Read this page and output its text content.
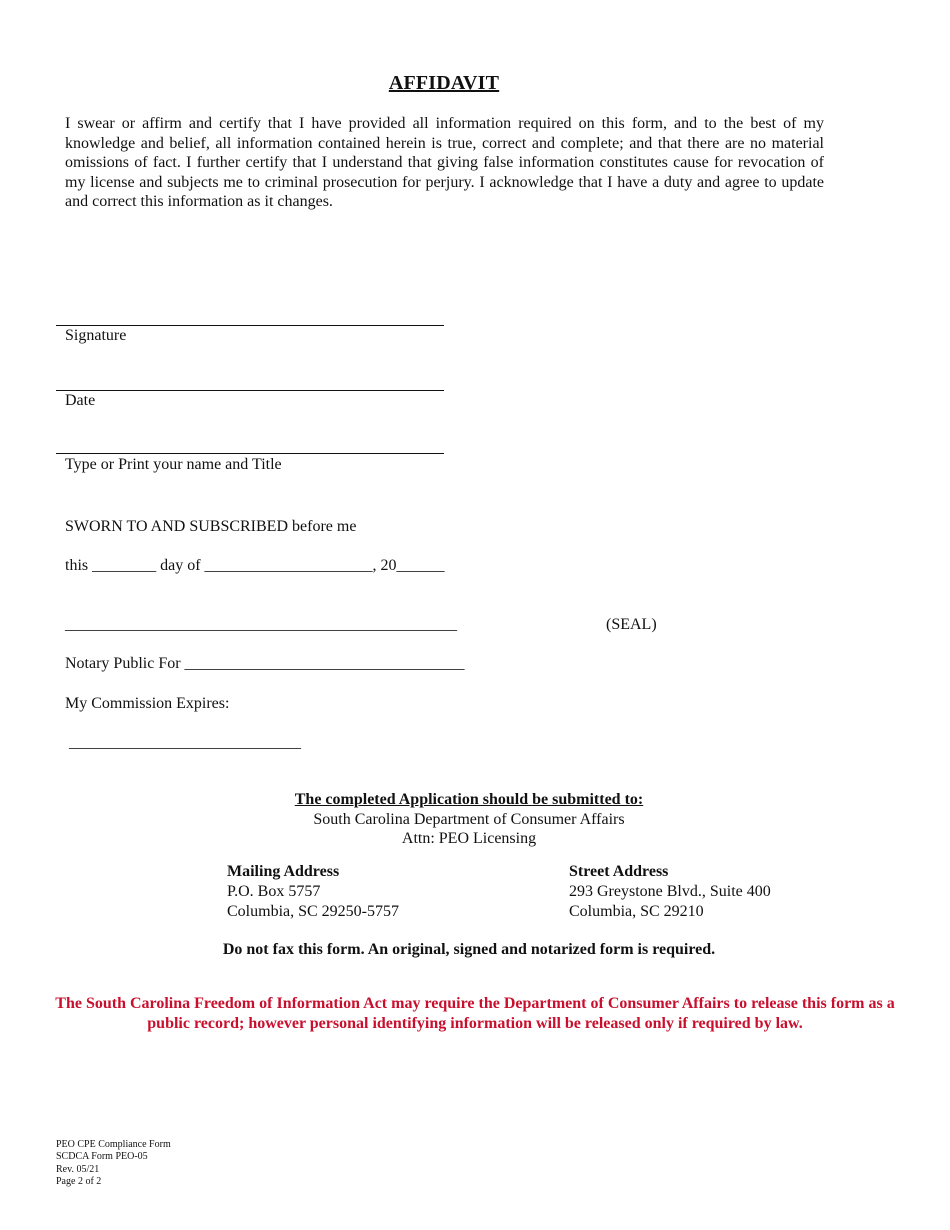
AFFIDAVIT
I swear or affirm and certify that I have provided all information required on this form, and to the best of my knowledge and belief, all information contained herein is true, correct and complete; and that there are no material omissions of fact. I further certify that I understand that giving false information constitutes cause for revocation of my license and subjects me to criminal prosecution for perjury. I acknowledge that I have a duty and agree to update and correct this information as it changes.
Signature
Date
Type or Print your name and Title
SWORN TO AND SUBSCRIBED before me
this ________ day of _____________________, 20______
_________________________________________________	(SEAL)
Notary Public For ___________________________________
My Commission Expires:
_____________________________
The completed Application should be submitted to:
South Carolina Department of Consumer Affairs
Attn: PEO Licensing
Mailing Address
P.O. Box 5757
Columbia, SC 29250-5757
Street Address
293 Greystone Blvd., Suite 400
Columbia, SC 29210
Do not fax this form. An original, signed and notarized form is required.
The South Carolina Freedom of Information Act may require the Department of Consumer Affairs to release this form as a public record; however personal identifying information will be released only if required by law.
PEO CPE Compliance Form
SCDCA Form PEO-05
Rev. 05/21
Page 2 of 2
